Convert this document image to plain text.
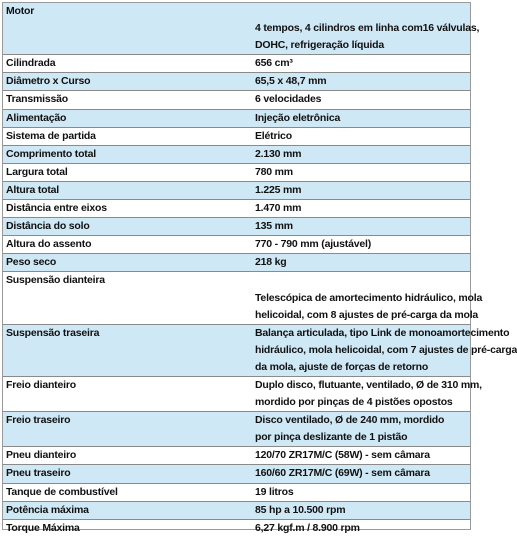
Motor	4 tempos, 4 cilindros em linha com16 válvulas,
DOHC, refrigeração líquida

Cilindrada	656 cm³

Diâmetro x Curso	65,5 x 48,7 mm

Transmissão	6 velocidades

Alimentação	Injeção eletrônica

Sistema de partida	Elétrico

Comprimento total	2.130 mm

Largura total	780 mm

Altura total	1.225 mm

Distância entre eixos	1.470 mm

Distância do solo	135 mm

Altura do assento	770 - 790 mm (ajustável)

Peso seco	218 kg

Suspensão dianteira	Telescópica de amortecimento hidráulico, mola
helicoidal, com 8 ajustes de pré-carga da mola

Suspensão traseira	Balança articulada, tipo Link de monoamortecimento
hidráulico, mola helicoidal, com 7 ajustes de pré-carga
da mola, ajuste de forças de retorno

Freio dianteiro	Duplo disco, flutuante, ventilado, Ø de 310 mm,
mordido por pinças de 4 pistões opostos

Freio traseiro	Disco ventilado, Ø de 240 mm, mordido
por pinça deslizante de 1 pistão

Pneu dianteiro	120/70 ZR17M/C (58W) - sem câmara

Pneu traseiro	160/60 ZR17M/C (69W) - sem câmara

Tanque de combustível	19 litros

Potência máxima	85 hp a 10.500 rpm

Torque Máxima	6,27 kgf.m / 8.900 rpm
